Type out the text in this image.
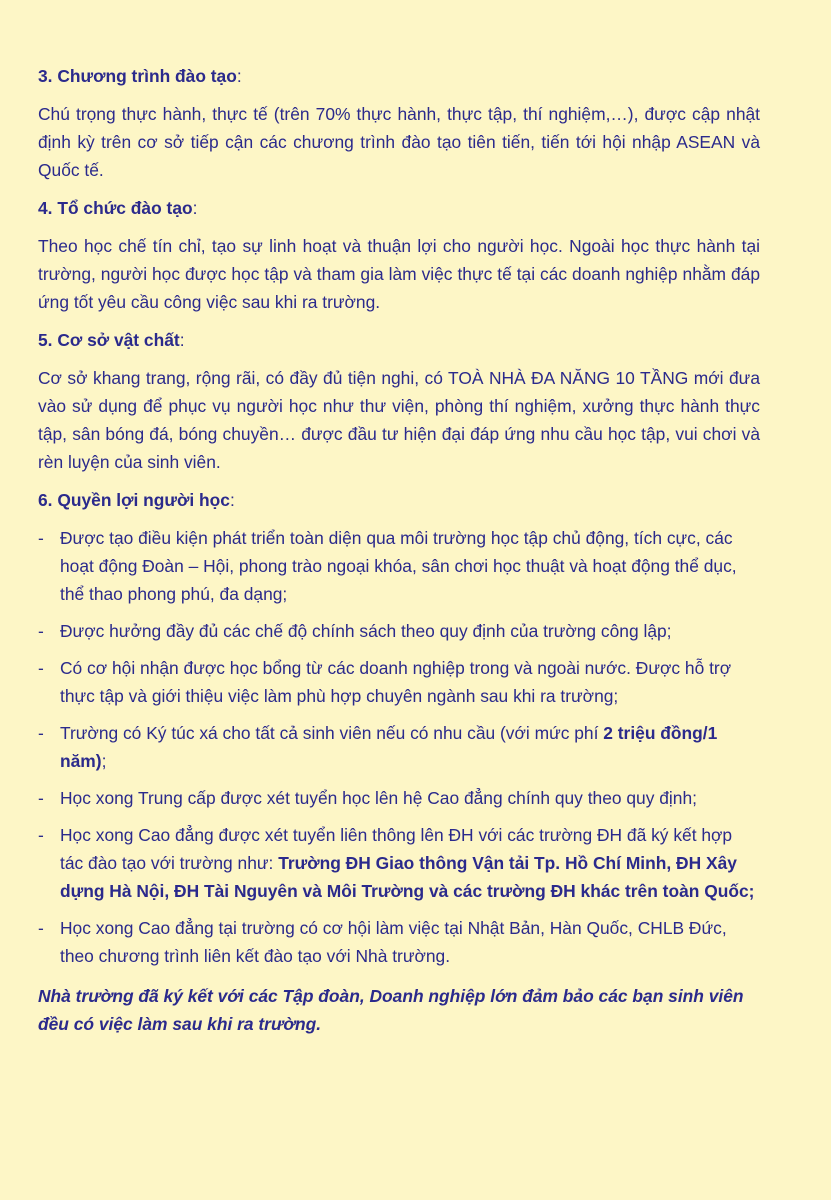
3. Chương trình đào tạo:
Chú trọng thực hành, thực tế (trên 70% thực hành, thực tập, thí nghiệm,…), được cập nhật định kỳ trên cơ sở tiếp cận các chương trình đào tạo tiên tiến, tiến tới hội nhập ASEAN và Quốc tế.
4. Tổ chức đào tạo:
Theo học chế tín chỉ, tạo sự linh hoạt và thuận lợi cho người học. Ngoài học thực hành tại trường, người học được học tập và tham gia làm việc thực tế tại các doanh nghiệp nhằm đáp ứng tốt yêu cầu công việc sau khi ra trường.
5. Cơ sở vật chất:
Cơ sở khang trang, rộng rãi, có đầy đủ tiện nghi, có TOÀ NHÀ ĐA NĂNG 10 TẦNG mới đưa vào sử dụng để phục vụ người học như thư viện, phòng thí nghiệm, xưởng thực hành thực tập, sân bóng đá, bóng chuyền… được đầu tư hiện đại đáp ứng nhu cầu học tập, vui chơi và rèn luyện của sinh viên.
6. Quyền lợi người học:
- Được tạo điều kiện phát triển toàn diện qua môi trường học tập chủ động, tích cực, các hoạt động Đoàn – Hội, phong trào ngoại khóa, sân chơi học thuật và hoạt động thể dục, thể thao phong phú, đa dạng;
- Được hưởng đầy đủ các chế độ chính sách theo quy định của trường công lập;
- Có cơ hội nhận được học bổng từ các doanh nghiệp trong và ngoài nước. Được hỗ trợ thực tập và giới thiệu việc làm phù hợp chuyên ngành sau khi ra trường;
- Trường có Ký túc xá cho tất cả sinh viên nếu có nhu cầu (với mức phí 2 triệu đồng/1 năm);
- Học xong Trung cấp được xét tuyển học lên hệ Cao đẳng chính quy theo quy định;
- Học xong Cao đẳng được xét tuyển liên thông lên ĐH với các trường ĐH đã ký kết hợp tác đào tạo với trường như: Trường ĐH Giao thông Vận tải Tp. Hồ Chí Minh, ĐH Xây dựng Hà Nội, ĐH Tài Nguyên và Môi Trường và các trường ĐH khác trên toàn Quốc;
- Học xong Cao đẳng tại trường có cơ hội làm việc tại Nhật Bản, Hàn Quốc, CHLB Đức, theo chương trình liên kết đào tạo với Nhà trường.
Nhà trường đã ký kết với các Tập đoàn, Doanh nghiệp lớn đảm bảo các bạn sinh viên đều có việc làm sau khi ra trường.
